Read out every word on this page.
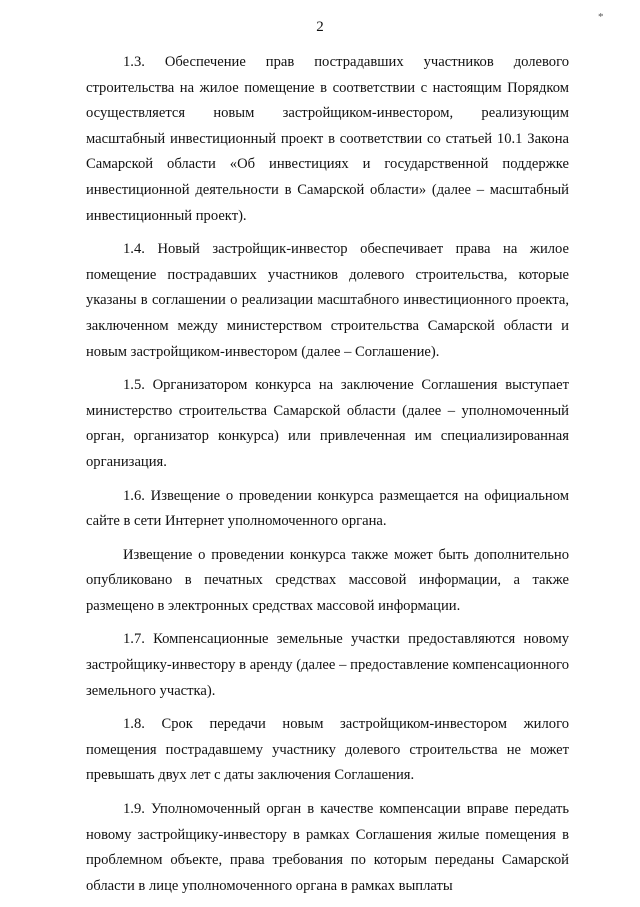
2
*

1.3. Обеспечение прав пострадавших участников долевого строительства на жилое помещение в соответствии с настоящим Порядком осуществляется новым застройщиком-инвестором, реализующим масштабный инвестиционный проект в соответствии со статьей 10.1 Закона Самарской области «Об инвестициях и государственной поддержке инвестиционной деятельности в Самарской области» (далее – масштабный инвестиционный проект).

1.4. Новый застройщик-инвестор обеспечивает права на жилое помещение пострадавших участников долевого строительства, которые указаны в соглашении о реализации масштабного инвестиционного проекта, заключенном между министерством строительства Самарской области и новым застройщиком-инвестором (далее – Соглашение).

1.5. Организатором конкурса на заключение Соглашения выступает министерство строительства Самарской области (далее – уполномоченный орган, организатор конкурса) или привлеченная им специализированная организация.

1.6. Извещение о проведении конкурса размещается на официальном сайте в сети Интернет уполномоченного органа.

Извещение о проведении конкурса также может быть дополнительно опубликовано в печатных средствах массовой информации, а также размещено в электронных средствах массовой информации.

1.7. Компенсационные земельные участки предоставляются новому застройщику-инвестору в аренду (далее – предоставление компенсационного земельного участка).

1.8. Срок передачи новым застройщиком-инвестором жилого помещения пострадавшему участнику долевого строительства не может превышать двух лет с даты заключения Соглашения.

1.9. Уполномоченный орган в качестве компенсации вправе передать новому застройщику-инвестору в рамках Соглашения жилые помещения в проблемном объекте, права требования по которым переданы Самарской области в лице уполномоченного органа в рамках выплаты
